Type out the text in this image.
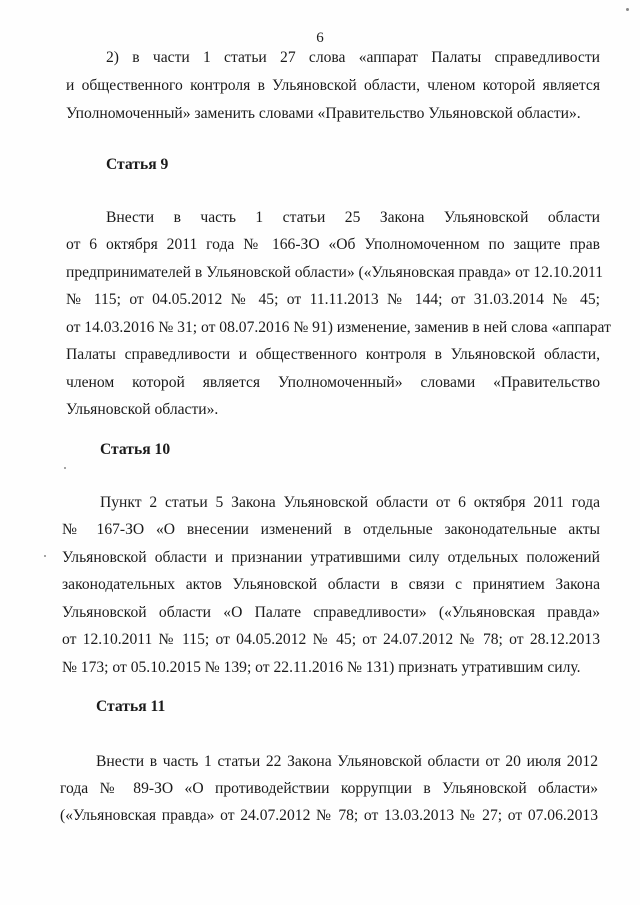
6
2) в части 1 статьи 27 слова «аппарат Палаты справедливости
и общественного контроля в Ульяновской области, членом которой является
Уполномоченный» заменить словами «Правительство Ульяновской области».
Статья 9
Внести в часть 1 статьи 25 Закона Ульяновской области
от 6 октября 2011 года № 166-ЗО «Об Уполномоченном по защите прав
предпринимателей в Ульяновской области» («Ульяновская правда» от 12.10.2011
№ 115; от 04.05.2012 № 45; от 11.11.2013 № 144; от 31.03.2014 № 45;
от 14.03.2016 № 31; от 08.07.2016 № 91) изменение, заменив в ней слова «аппарат
Палаты справедливости и общественного контроля в Ульяновской области,
членом которой является Уполномоченный» словами «Правительство
Ульяновской области».
Статья 10
Пункт 2 статьи 5 Закона Ульяновской области от 6 октября 2011 года
№ 167-ЗО «О внесении изменений в отдельные законодательные акты
Ульяновской области и признании утратившими силу отдельных положений
законодательных актов Ульяновской области в связи с принятием Закона
Ульяновской области «О Палате справедливости» («Ульяновская правда»
от 12.10.2011 № 115; от 04.05.2012 № 45; от 24.07.2012 № 78; от 28.12.2013
№ 173; от 05.10.2015 № 139; от 22.11.2016 № 131) признать утратившим силу.
Статья 11
Внести в часть 1 статьи 22 Закона Ульяновской области от 20 июля 2012
года № 89-ЗО «О противодействии коррупции в Ульяновской области»
(«Ульяновская правда» от 24.07.2012 № 78; от 13.03.2013 № 27; от 07.06.2013
